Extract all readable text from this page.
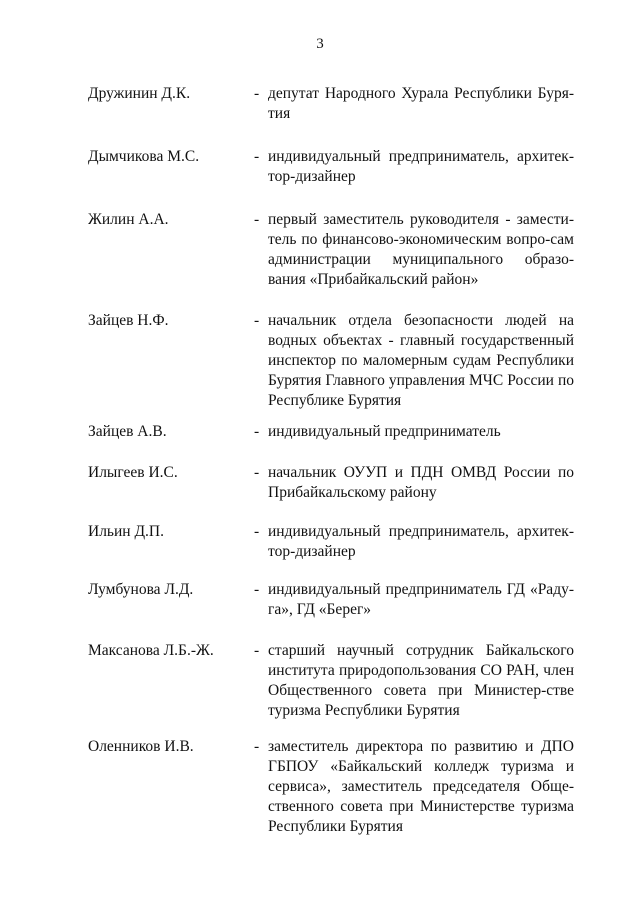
3
Дружинин Д.К.	- депутат Народного Хурала Республики Буря-тия
Дымчикова М.С.	- индивидуальный предприниматель, архитек-тор-дизайнер
Жилин А.А.	- первый заместитель руководителя - замести-тель по финансово-экономическим вопро-сам администрации муниципального образо-вания «Прибайкальский район»
Зайцев Н.Ф.	- начальник отдела безопасности людей на водных объектах - главный государственный инспектор по маломерным судам Республики Бурятия Главного управления МЧС России по Республике Бурятия
Зайцев А.В.	- индивидуальный предприниматель
Илыгеев И.С.	- начальник ОУУП и ПДН ОМВД России по Прибайкальскому району
Ильин Д.П.	- индивидуальный предприниматель, архитек-тор-дизайнер
Лумбунова Л.Д.	- индивидуальный предприниматель ГД «Раду-га», ГД «Берег»
Максанова Л.Б.-Ж.	- старший научный сотрудник Байкальского института природопользования СО РАН, член Общественного совета при Министер-стве туризма Республики Бурятия
Оленников И.В.	- заместитель директора по развитию и ДПО ГБПОУ «Байкальский колледж туризма и сервиса», заместитель председателя Обще-ственного совета при Министерстве туризма Республики Бурятия
